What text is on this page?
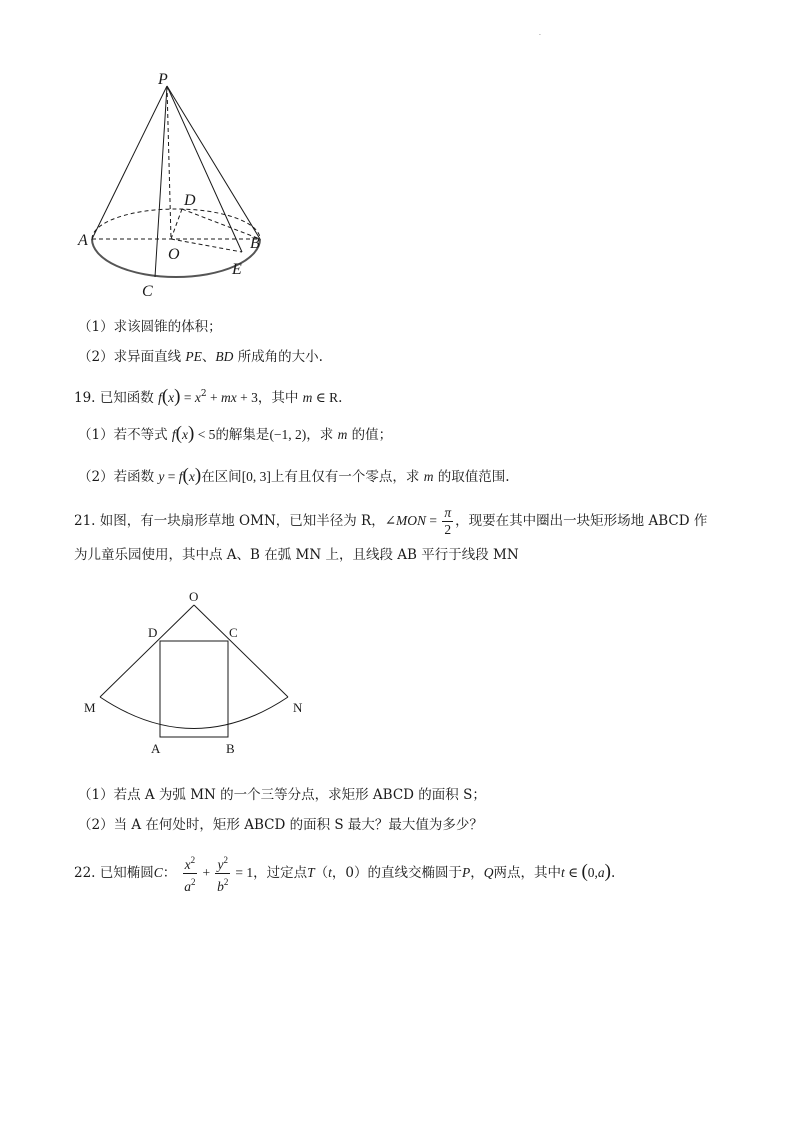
·
P
A	B
C
D
O
E
（1）求该圆锥的体积；
（2）求异面直线 PE、BD 所成角的大小.
19. 已知函数 $f(x) = x^2$ + mx + 3，其中 m ∈ R.
（1）若不等式 f(x) < 5的解集是(−1, 2)，求 m 的值；
（2）若函数 y = f(x)在区间[0, 3]上有且仅有一个零点，求 m 的取值范围.
21. 如图，有一块扇形草地 OMN，已知半径为 R，∠MON = $\frac{\pi}{2}$ ，现要在其中圈出一块矩形场地 ABCD 作
为儿童乐园使用，其中点 A、B 在弧 MN 上，且线段 AB 平行于线段 MN
O
D	C
M	N
A	B
（1）若点 A 为弧 MN 的一个三等分点，求矩形 ABCD 的面积 S；
（2）当 A 在何处时，矩形 ABCD 的面积 S 最大？最大值为多少？
22. 已知椭圆C： $\frac{x^2}{a^2} + \frac{y^2}{b^2} = 1$，过定点T（t，0）的直线交椭圆于P，Q两点，其中t ∈ (0,a).
